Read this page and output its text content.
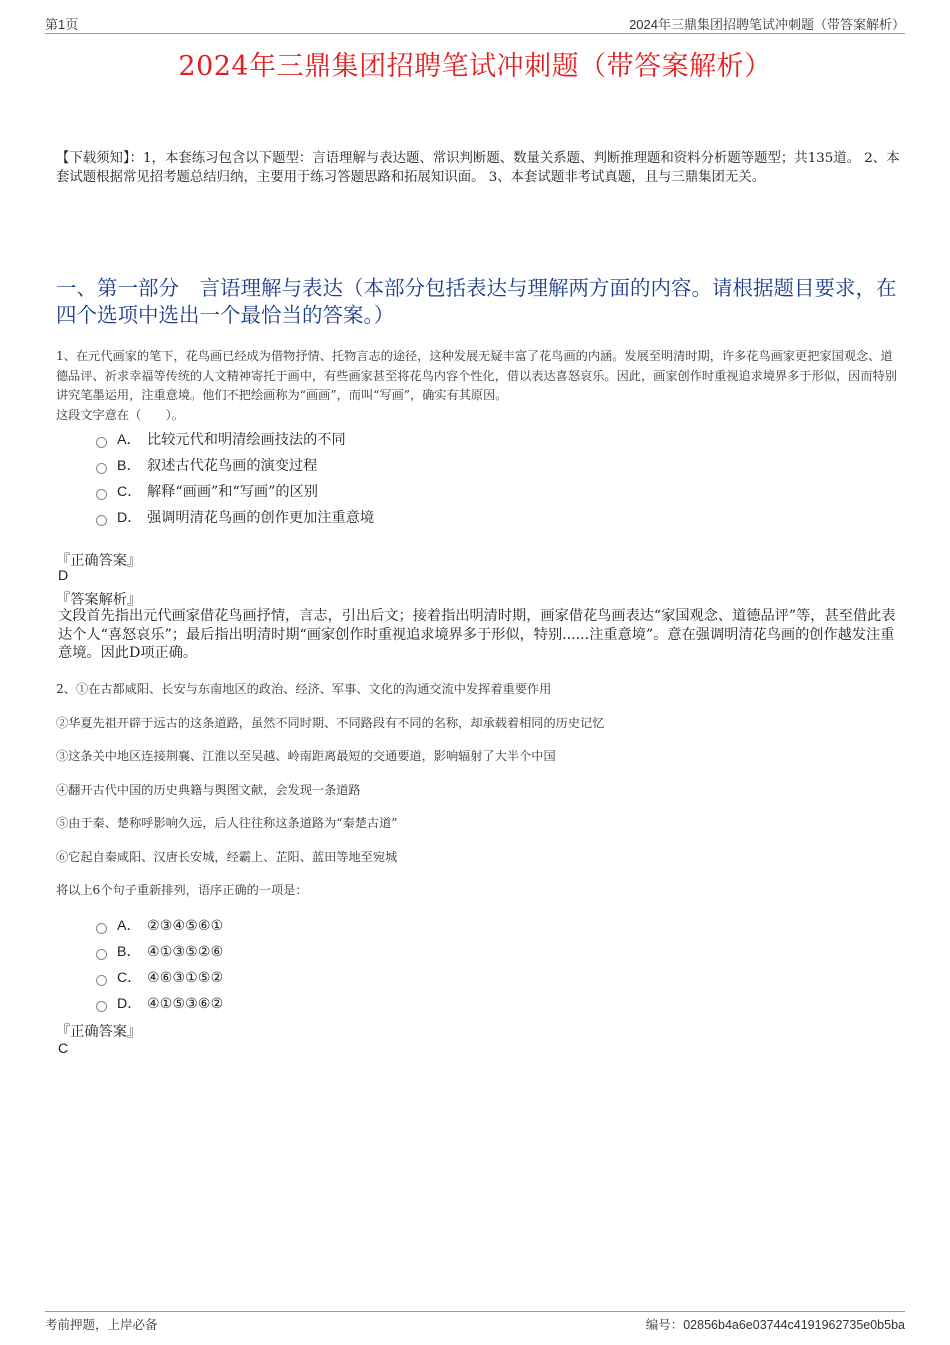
第1页	2024年三鼎集团招聘笔试冲刺题（带答案解析）
2024年三鼎集团招聘笔试冲刺题（带答案解析）
【下载须知】：1，本套练习包含以下题型：言语理解与表达题、常识判断题、数量关系题、判断推理题和资料分析题等题型；共135道。 2、本套试题根据常见招考题总结归纳，主要用于练习答题思路和拓展知识面。 3、本套试题非考试真题，且与三鼎集团无关。
一、第一部分　言语理解与表达（本部分包括表达与理解两方面的内容。请根据题目要求，在四个选项中选出一个最恰当的答案。）
1、在元代画家的笔下，花鸟画已经成为借物抒情、托物言志的途径，这种发展无疑丰富了花鸟画的内涵。发展至明清时期，许多花鸟画家更把家国观念、道德品评、祈求幸福等传统的人文精神寄托于画中，有些画家甚至将花鸟内容个性化，借以表达喜怒哀乐。因此，画家创作时重视追求境界多于形似，因而特别讲究笔墨运用，注重意境。他们不把绘画称为“画画”，而叫“写画”，确实有其原因。
这段文字意在（　　）。
A． 比较元代和明清绘画技法的不同
B． 叙述古代花鸟画的演变过程
C． 解释“画画”和“写画”的区别
D． 强调明清花鸟画的创作更加注重意境
『正确答案』
D
『答案解析』
文段首先指出元代画家借花鸟画抒情，言志，引出后文；接着指出明清时期，画家借花鸟画表达“家国观念、道德品评”等，甚至借此表达个人“喜怒哀乐”；最后指出明清时期“画家创作时重视追求境界多于形似，特别......注重意境”。意在强调明清花鸟画的创作越发注重意境。因此D项正确。
2、①在古都咸阳、长安与东南地区的政治、经济、军事、文化的沟通交流中发挥着重要作用
②华夏先祖开辟于远古的这条道路，虽然不同时期、不同路段有不同的名称，却承载着相同的历史记忆
③这条关中地区连接荆襄、江淮以至吴越、岭南距离最短的交通要道，影响辐射了大半个中国
④翻开古代中国的历史典籍与舆图文献，会发现一条道路
⑤由于秦、楚称呼影响久远，后人往往称这条道路为“秦楚古道”
⑥它起自秦咸阳、汉唐长安城，经霸上、芷阳、蓝田等地至宛城
将以上6个句子重新排列，语序正确的一项是：
A． ②③④⑤⑥①
B． ④①③⑤②⑥
C． ④⑥③①⑤②
D． ④①⑤③⑥②
『正确答案』
C
考前押题，上岸必备	编号：02856b4a6e03744c4191962735e0b5ba
